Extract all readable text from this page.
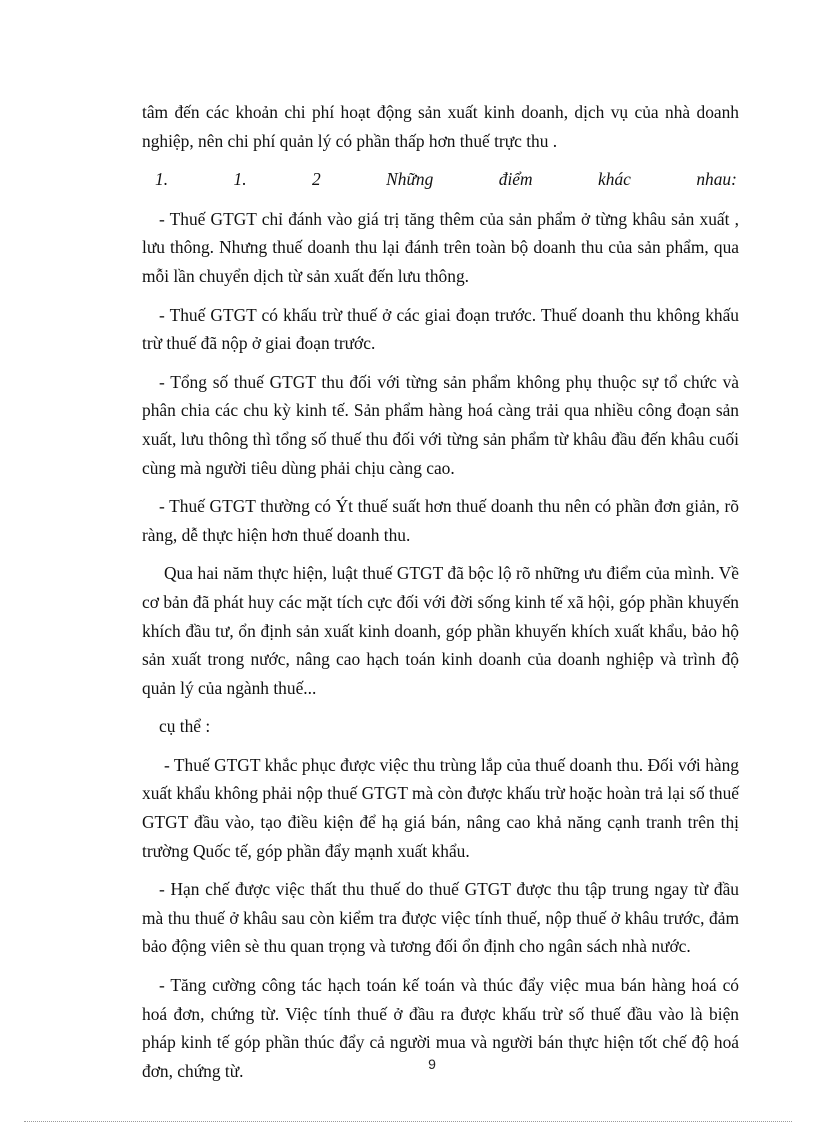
tâm đến các khoản chi phí hoạt động sản xuất kinh doanh, dịch vụ của nhà doanh nghiệp, nên chi phí quản lý có phần thấp hơn thuế trực thu .

1.	1.	2	Những	điểm	khác	nhau:

- Thuế GTGT chỉ đánh vào giá trị tăng thêm của sản phẩm ở từng khâu sản xuất , lưu thông. Nhưng thuế doanh thu lại đánh trên toàn bộ doanh thu của sản phẩm, qua mỗi lần chuyển dịch từ sản xuất đến lưu thông.

- Thuế GTGT có khấu trừ thuế ở các giai đoạn trước. Thuế doanh thu không khấu trừ thuế đã nộp ở giai đoạn trước.

- Tổng số thuế GTGT thu đối với từng sản phẩm không phụ thuộc sự tổ chức và phân chia các chu kỳ kinh tế. Sản phẩm hàng hoá càng trải qua nhiều công đoạn sản xuất, lưu thông thì tổng số thuế thu đối với từng sản phẩm từ khâu đầu đến khâu cuối cùng mà người tiêu dùng phải chịu càng cao.

- Thuế GTGT thường có Ýt thuế suất hơn thuế doanh thu nên có phần đơn giản, rõ ràng, dễ thực hiện hơn thuế doanh thu.

Qua hai năm thực hiện, luật thuế GTGT đã bộc lộ rõ những ưu điểm của mình. Về cơ bản đã phát huy các mặt tích cực đối với đời sống kinh tế xã hội, góp phần khuyến khích đầu tư, ổn định sản xuất kinh doanh, góp phần khuyến khích xuất khẩu, bảo hộ sản xuất trong nước, nâng cao hạch toán kinh doanh của doanh nghiệp và trình độ quản lý của ngành thuế...

cụ thể :

- Thuế GTGT khắc phục được việc thu trùng lắp của thuế doanh thu. Đối với hàng xuất khẩu không phải nộp thuế GTGT mà còn được khấu trừ hoặc hoàn trả lại số thuế GTGT đầu vào, tạo điều kiện để hạ giá bán, nâng cao khả năng cạnh tranh trên thị trường Quốc tế, góp phần đẩy mạnh xuất khẩu.

- Hạn chế được việc thất thu thuế do thuế GTGT được thu tập trung ngay từ đầu mà thu thuế ở khâu sau còn kiểm tra được việc tính thuế, nộp thuế ở khâu trước, đảm bảo động viên sè thu quan trọng và tương đối ổn định cho ngân sách nhà nước.

- Tăng cường công tác hạch toán kế toán và thúc đẩy việc mua bán hàng hoá có hoá đơn, chứng từ. Việc tính thuế ở đầu ra được khấu trừ số thuế đầu vào là biện pháp kinh tế góp phần thúc đẩy cả người mua và người bán thực hiện tốt chế độ hoá đơn, chứng từ.	9
